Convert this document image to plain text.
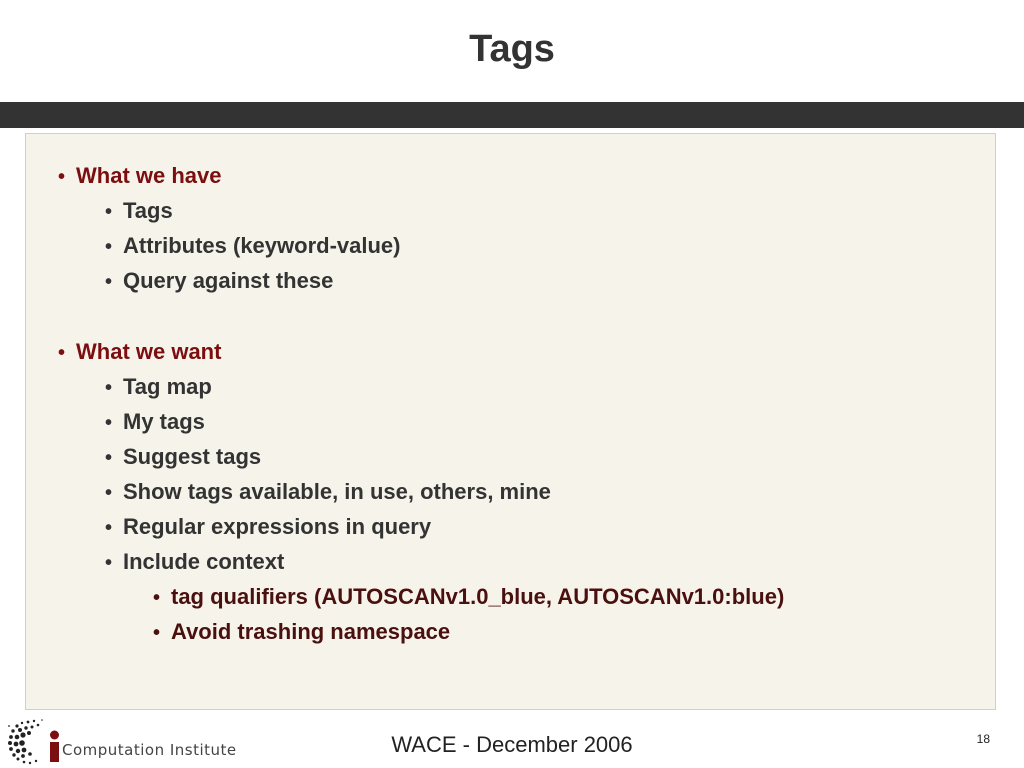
Tags
• What we have
• Tags
• Attributes (keyword-value)
• Query against these
• What we want
• Tag map
• My tags
• Suggest tags
• Show tags available, in use, others, mine
• Regular expressions in query
• Include context
• tag qualifiers (AUTOSCANv1.0_blue, AUTOSCANv1.0:blue)
• Avoid trashing namespace
Computation Institute	WACE - December 2006	18
